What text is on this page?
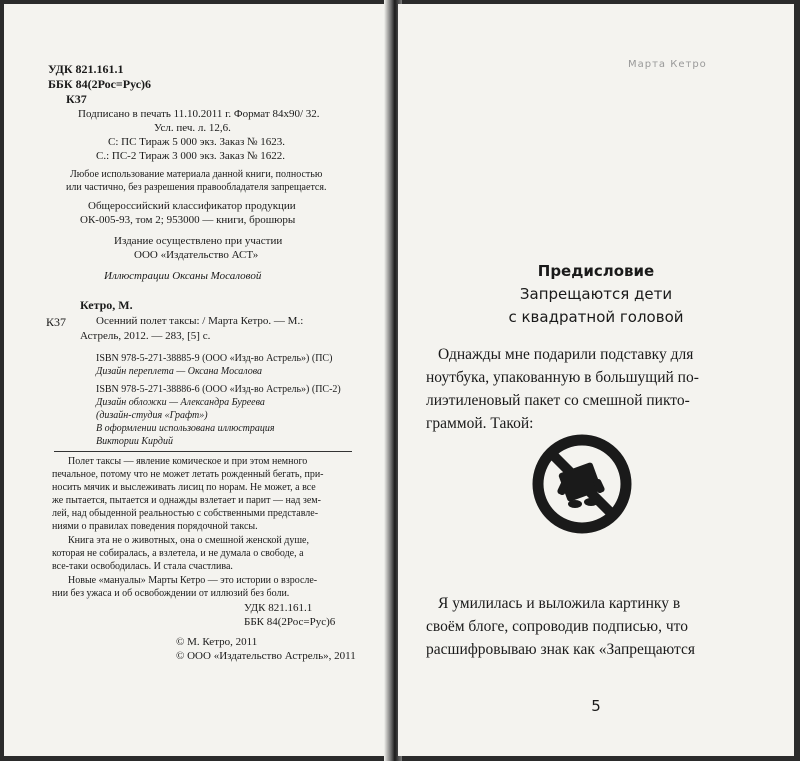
УДК 821.161.1
ББК 84(2Рос=Рус)6
К37
Подписано в печать 11.10.2011 г. Формат 84х90/ 32.
Усл. печ. л. 12,6.
С: ПС Тираж 5 000 экз. Заказ № 1623.
С.: ПС-2 Тираж 3 000 экз. Заказ № 1622.
Любое использование материала данной книги, полностью
или частично, без разрешения правообладателя запрещается.
Общероссийский классификатор продукции
ОК-005-93, том 2; 953000 — книги, брошюры
Издание осуществлено при участии
ООО «Издательство АСТ»
Иллюстрации Оксаны Мосаловой
Кетро, М.
К37	Осенний полет таксы: / Марта Кетро. — М.:
Астрель, 2012. — 283, [5] с.
ISBN 978-5-271-38885-9 (ООО «Изд-во Астрель») (ПС)
Дизайн переплета — Оксана Мосалова
ISBN 978-5-271-38886-6 (ООО «Изд-во Астрель») (ПС-2)
Дизайн обложки — Александра Буреева
(дизайн-студия «Графт»)
В оформлении использована иллюстрация
Виктории Кирдий

Полет таксы — явление комическое и при этом немного

печальное, потому что не может летать рожденный бегать, при-

носить мячик и выслеживать лисиц по норам. Не может, а все

же пытается, пытается и однажды взлетает и парит — над зем-

лей, над обыденной реальностью с собственными представле-

ниями о правилах поведения порядочной таксы.

Книга эта не о животных, она о смешной женской душе,

которая не собиралась, а взлетела, и не думала о свободе, а

все-таки освободилась. И стала счастлива.

Новые «мануалы» Марты Кетро — это истории о взросле-

нии без ужаса и об освобождении от иллюзий без боли.

УДК 821.161.1
ББК 84(2Рос=Рус)6
© М. Кетро, 2011
© ООО «Издательство Астрель», 2011
Марта Кетро
Предисловие
Запрещаются дети
с квадратной головой
Однажды мне подарили подставку для
ноутбука, упакованную в большущий по-
лиэтиленовый пакет со смешной пикто-
граммой. Такой:
Я умилилась и выложила картинку в
своём блоге, сопроводив подписью, что
расшифровываю знак как «Запрещаются
5
